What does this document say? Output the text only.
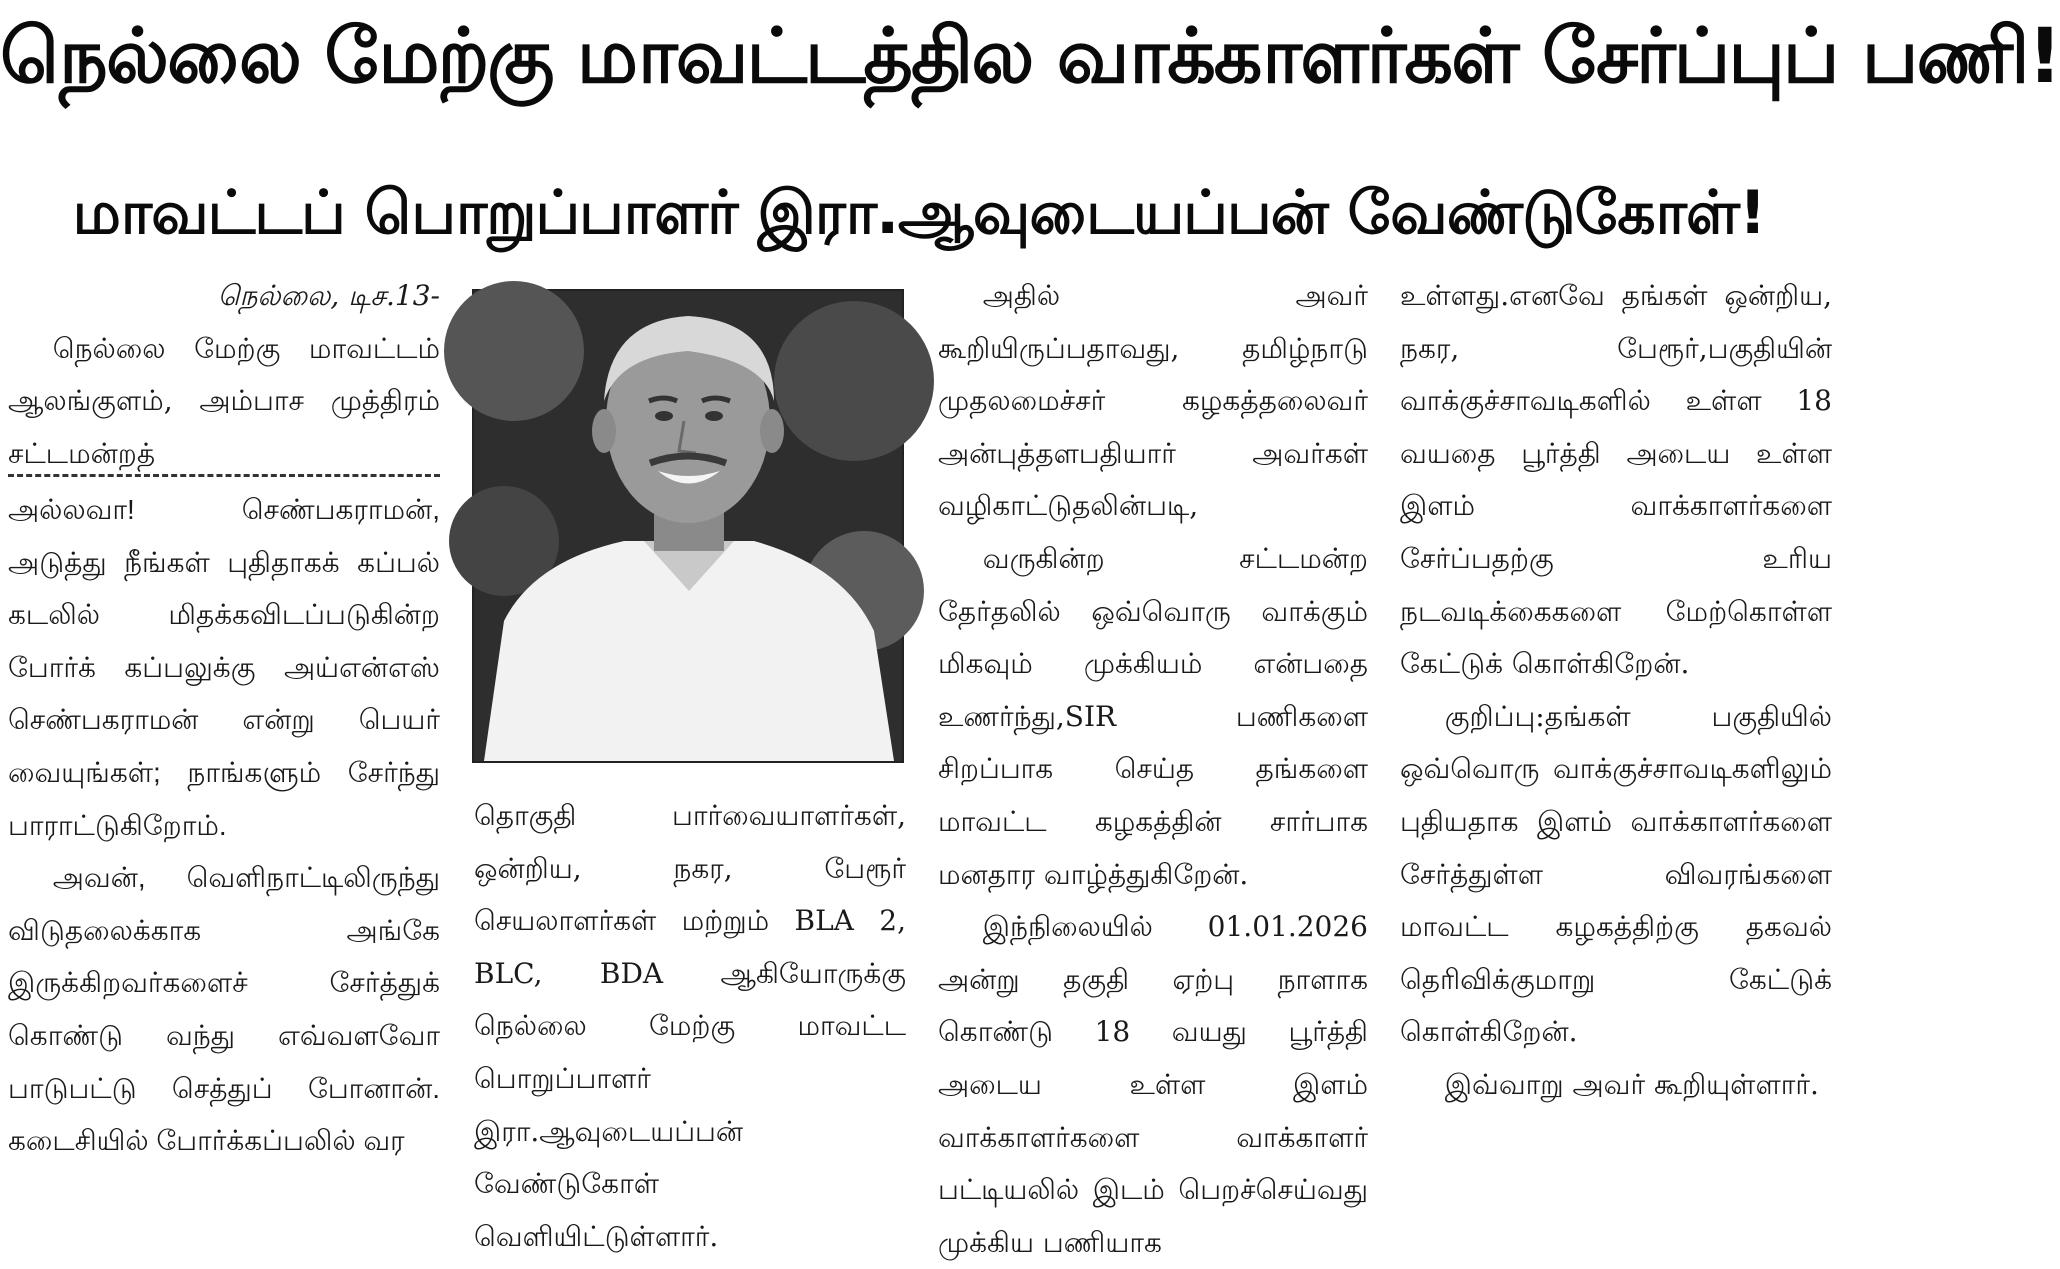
நெல்லை மேற்கு மாவட்டத்தில வாக்காளர்கள் சேர்ப்புப் பணி!
மாவட்டப் பொறுப்பாளர் இரா.ஆவுடையப்பன் வேண்டுகோள்!

நெல்லை, டிச.13-

நெல்லை மேற்கு மாவட்டம் ஆலங்குளம், அம்பாச முத்திரம் சட்டமன்றத்

அல்லவா! செண்பகராமன், அடுத்து நீங்கள் புதிதாகக் கப்பல் கடலில் மிதக்கவிடப்படுகின்ற போர்க் கப்பலுக்கு அய்என்எஸ் செண்பகராமன் என்று பெயர் வையுங்கள்; நாங்களும் சேர்ந்து பாராட்டுகிறோம்.

அவன், வெளிநாட்டிலிருந்து விடுதலைக்காக அங்கே இருக்கிறவர்களைச் சேர்த்துக் கொண்டு வந்து எவ்வளவோ பாடுபட்டு செத்துப் போனான். கடைசியில் போர்க்கப்பலில் வர

தொகுதி பார்வையாளர்கள், ஒன்றிய, நகர, பேரூர் செயலாளர்கள் மற்றும் BLA 2, BLC, BDA ஆகியோருக்கு நெல்லை மேற்கு மாவட்ட பொறுப்பாளர் இரா.ஆவுடையப்பன் வேண்டுகோள் வெளியிட்டுள்ளார்.

அதில் அவர் கூறியிருப்பதாவது, தமிழ்நாடு முதலமைச்சர் கழகத்தலைவர் அன்புத்தளபதியார் அவர்கள் வழிகாட்டுதலின்படி,

வருகின்ற சட்டமன்ற தேர்தலில் ஒவ்வொரு வாக்கும் மிகவும் முக்கியம் என்பதை உணர்ந்து,SIR பணிகளை சிறப்பாக செய்த தங்களை மாவட்ட கழகத்தின் சார்பாக மனதார வாழ்த்துகிறேன்.

இந்நிலையில் 01.01.2026 அன்று தகுதி ஏற்பு நாளாக கொண்டு 18 வயது பூர்த்தி அடைய உள்ள இளம் வாக்காளர்களை வாக்காளர் பட்டியலில் இடம் பெறச்செய்வது முக்கிய பணியாக

உள்ளது.எனவே தங்கள் ஒன்றிய, நகர, பேரூர்,பகுதியின் வாக்குச்சாவடிகளில் உள்ள 18 வயதை பூர்த்தி அடைய உள்ள இளம் வாக்காளர்களை சேர்ப்பதற்கு உரிய நடவடிக்கைகளை மேற்கொள்ள கேட்டுக் கொள்கிறேன்.

குறிப்பு:தங்கள் பகுதியில் ஒவ்வொரு வாக்குச்சாவடிகளிலும் புதியதாக இளம் வாக்காளர்களை சேர்த்துள்ள விவரங்களை மாவட்ட கழகத்திற்கு தகவல் தெரிவிக்குமாறு கேட்டுக் கொள்கிறேன்.

இவ்வாறு அவர் கூறியுள்ளார்.
